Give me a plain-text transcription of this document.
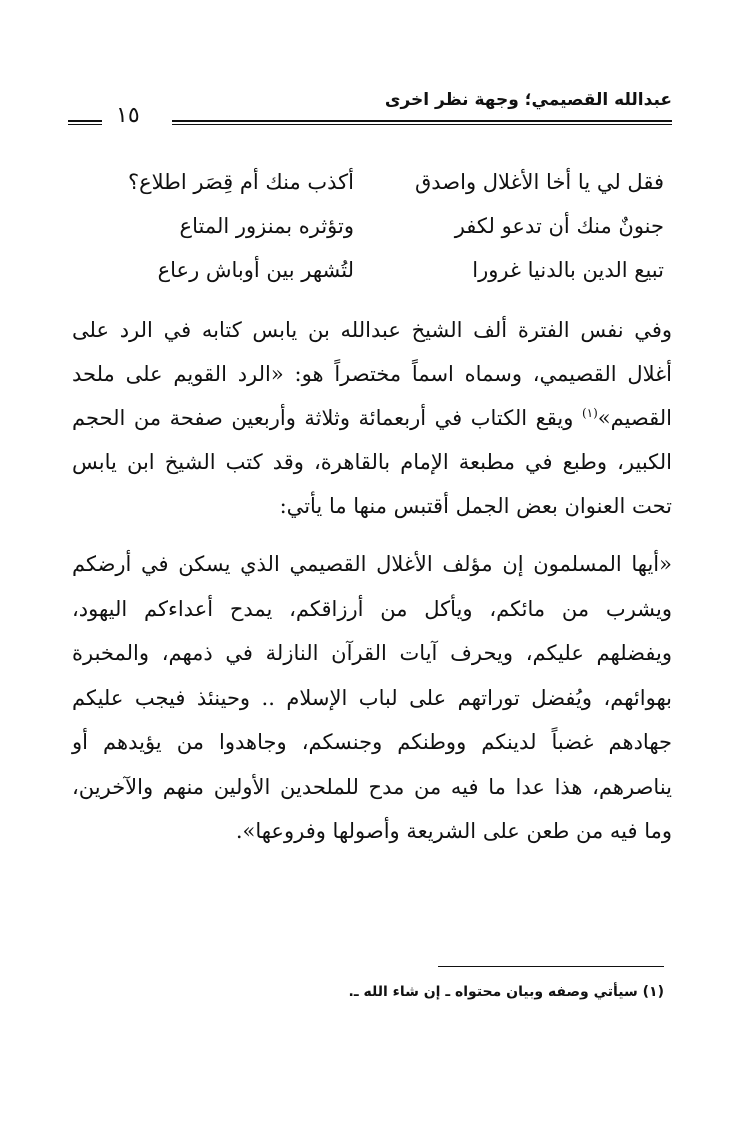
عبدالله القصيمي؛ وجهة نظر اخرى
١٥
فقل لي يا أخا الأغلال واصدق
أكذب منك أم قِصَر اطلاع؟
جنونٌ منك أن تدعو لكفر
وتؤثره بمنزور المتاع
تبيع الدين بالدنيا غرورا
لتُشهر بين أوباش رعاع

وفي نفس الفترة ألف الشيخ عبدالله بن يابس كتابه في الرد على أغلال القصيمي، وسماه اسماً مختصراً هو: «الرد القويم على ملحد القصيم»$^{(١)}$ ويقع الكتاب في أربعمائة وثلاثة وأربعين صفحة من الحجم الكبير، وطبع في مطبعة الإمام بالقاهرة، وقد كتب الشيخ ابن يابس تحت العنوان بعض الجمل أقتبس منها ما يأتي:

«أيها المسلمون إن مؤلف الأغلال القصيمي الذي يسكن في أرضكم ويشرب من مائكم، ويأكل من أرزاقكم، يمدح أعداءكم اليهود، ويفضلهم عليكم، ويحرف آيات القرآن النازلة في ذمهم، والمخبرة بهوائهم، ويُفضل توراتهم على لباب الإسلام .. وحينئذ فيجب عليكم جهادهم غضباً لدينكم ووطنكم وجنسكم، وجاهدوا من يؤيدهم أو يناصرهم، هذا عدا ما فيه من مدح للملحدين الأولين منهم والآخرين، وما فيه من طعن على الشريعة وأصولها وفروعها».

(١) سيأتي وصفه وبيان محتواه ـ إن شاء الله ـ.
